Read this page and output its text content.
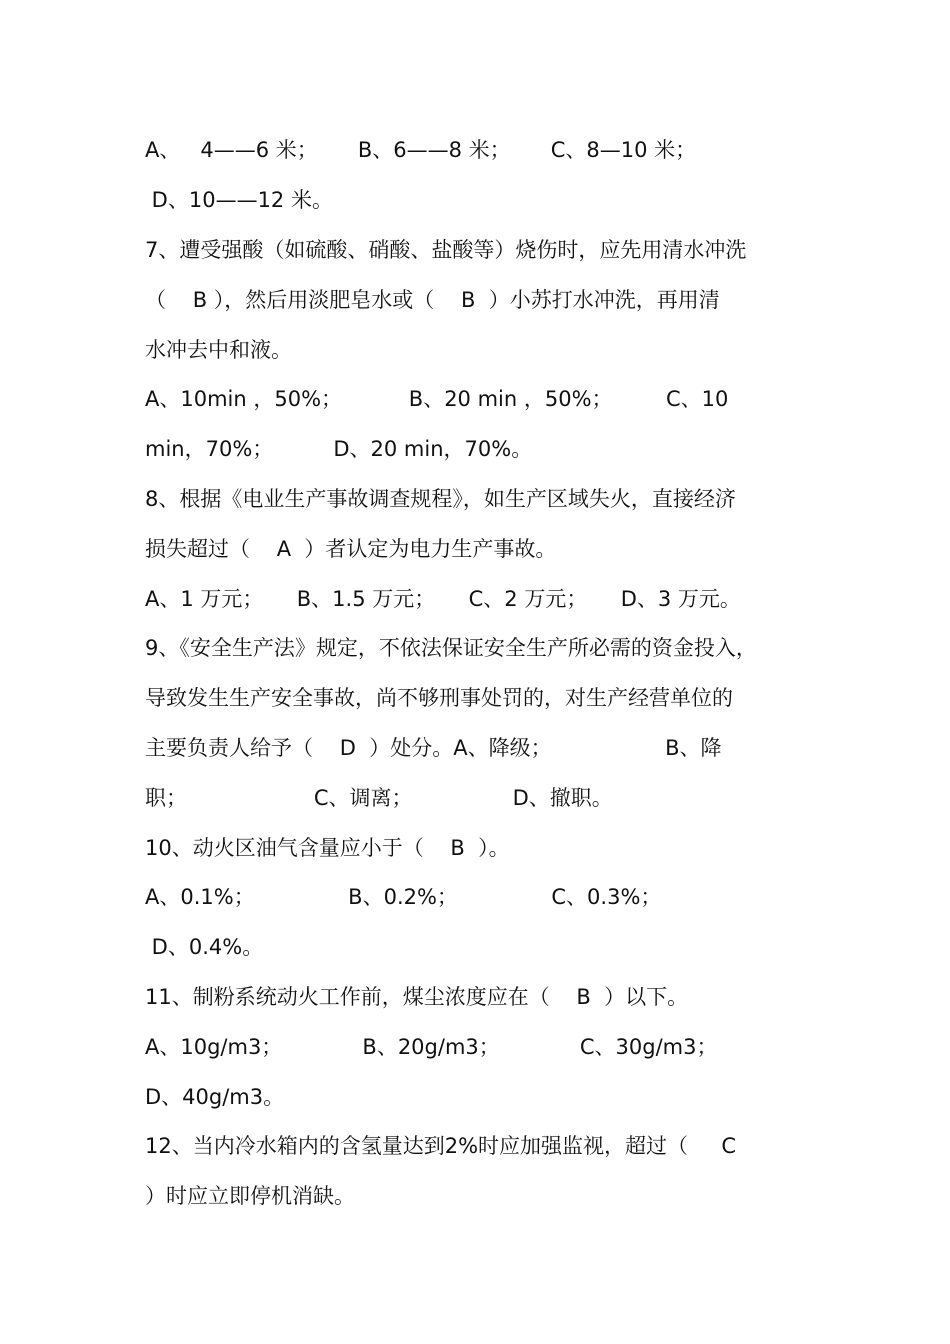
A、   4——6 米；      B、6——8 米；      C、8—10 米；
D、10——12 米。
7、遭受强酸（如硫酸、硝酸、盐酸等）烧伤时，应先用清水冲洗
（    B ），然后用淡肥皂水或（    B  ）小苏打水冲洗，再用清
水冲去中和液。
A、10min ，50%；          B、20 min ，50%；        C、10
min，70%；         D、20 min，70%。
8、根据《电业生产事故调查规程》，如生产区域失火，直接经济
损失超过（    A  ）者认定为电力生产事故。
A、1 万元；     B、1.5 万元；     C、2 万元；     D、3 万元。
9、《安全生产法》规定，不依法保证安全生产所必需的资金投入，
导致发生生产安全事故，尚不够刑事处罚的，对生产经营单位的
主要负责人给予（    D  ）处分。A、降级；                 B、降
职；                   C、调离；               D、撤职。
10、动火区油气含量应小于（    B  ）。
A、0.1%；              B、0.2%；              C、0.3%；
D、0.4%。
11、制粉系统动火工作前，煤尘浓度应在（    B  ）以下。
A、10g/m3；            B、20g/m3；            C、30g/m3；
D、40g/m3。
12、当内冷水箱内的含氢量达到2%时应加强监视，超过（     C
）时应立即停机消缺。
